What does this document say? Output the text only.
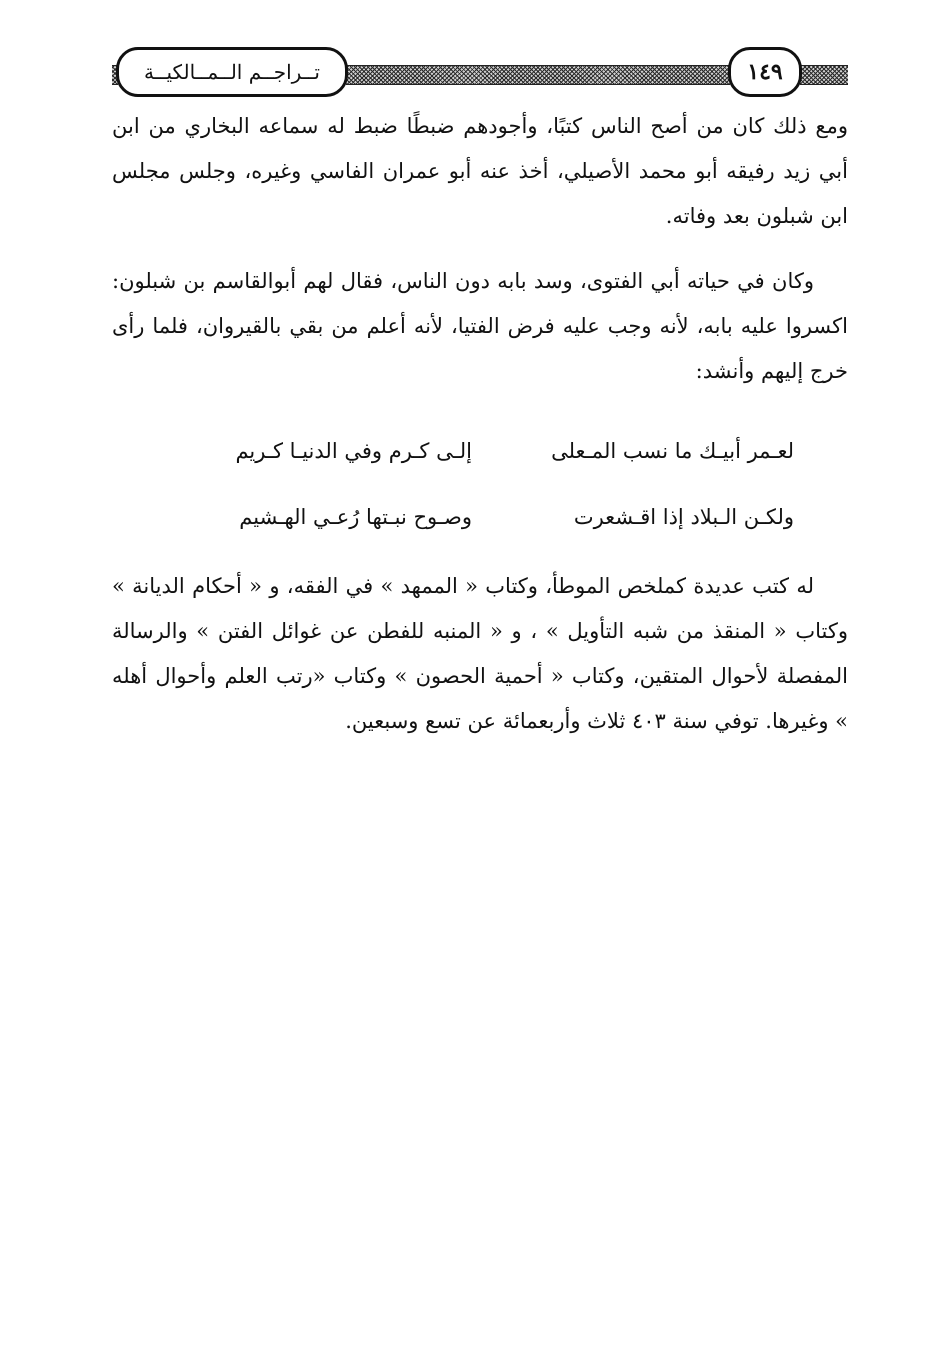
تــراجــم الــمــالكيــة	١٤٩

ومع ذلك كان من أصح الناس كتبًا، وأجودهم ضبطًا ضبط له سماعه البخاري من ابن أبي زيد رفيقه أبو محمد الأصيلي، أخذ عنه أبو عمران الفاسي وغيره، وجلس مجلس ابن شبلون بعد وفاته.

وكان في حياته أبي الفتوى، وسد بابه دون الناس، فقال لهم أبوالقاسم بن شبلون: اكسروا عليه بابه، لأنه وجب عليه فرض الفتيا، لأنه أعلم من بقي بالقيروان، فلما رأى خرج إليهم وأنشد:

لعـمر أبيـك ما نسب المـعلى
إلـى كـرم وفي الدنيـا كـريم
ولكـن الـبلاد إذا اقـشعرت
وصـوح نبـتها رُعـي الهـشيم

له كتب عديدة كملخص الموطأ، وكتاب « الممهد » في الفقه، و « أحكام الديانة » وكتاب « المنقذ من شبه التأويل » ، و « المنبه للفطن عن غوائل الفتن » والرسالة المفصلة لأحوال المتقين، وكتاب « أحمية الحصون » وكتاب «رتب العلم وأحوال أهله » وغيرها. توفي سنة ٤٠٣ ثلاث وأربعمائة عن تسع وسبعين.
